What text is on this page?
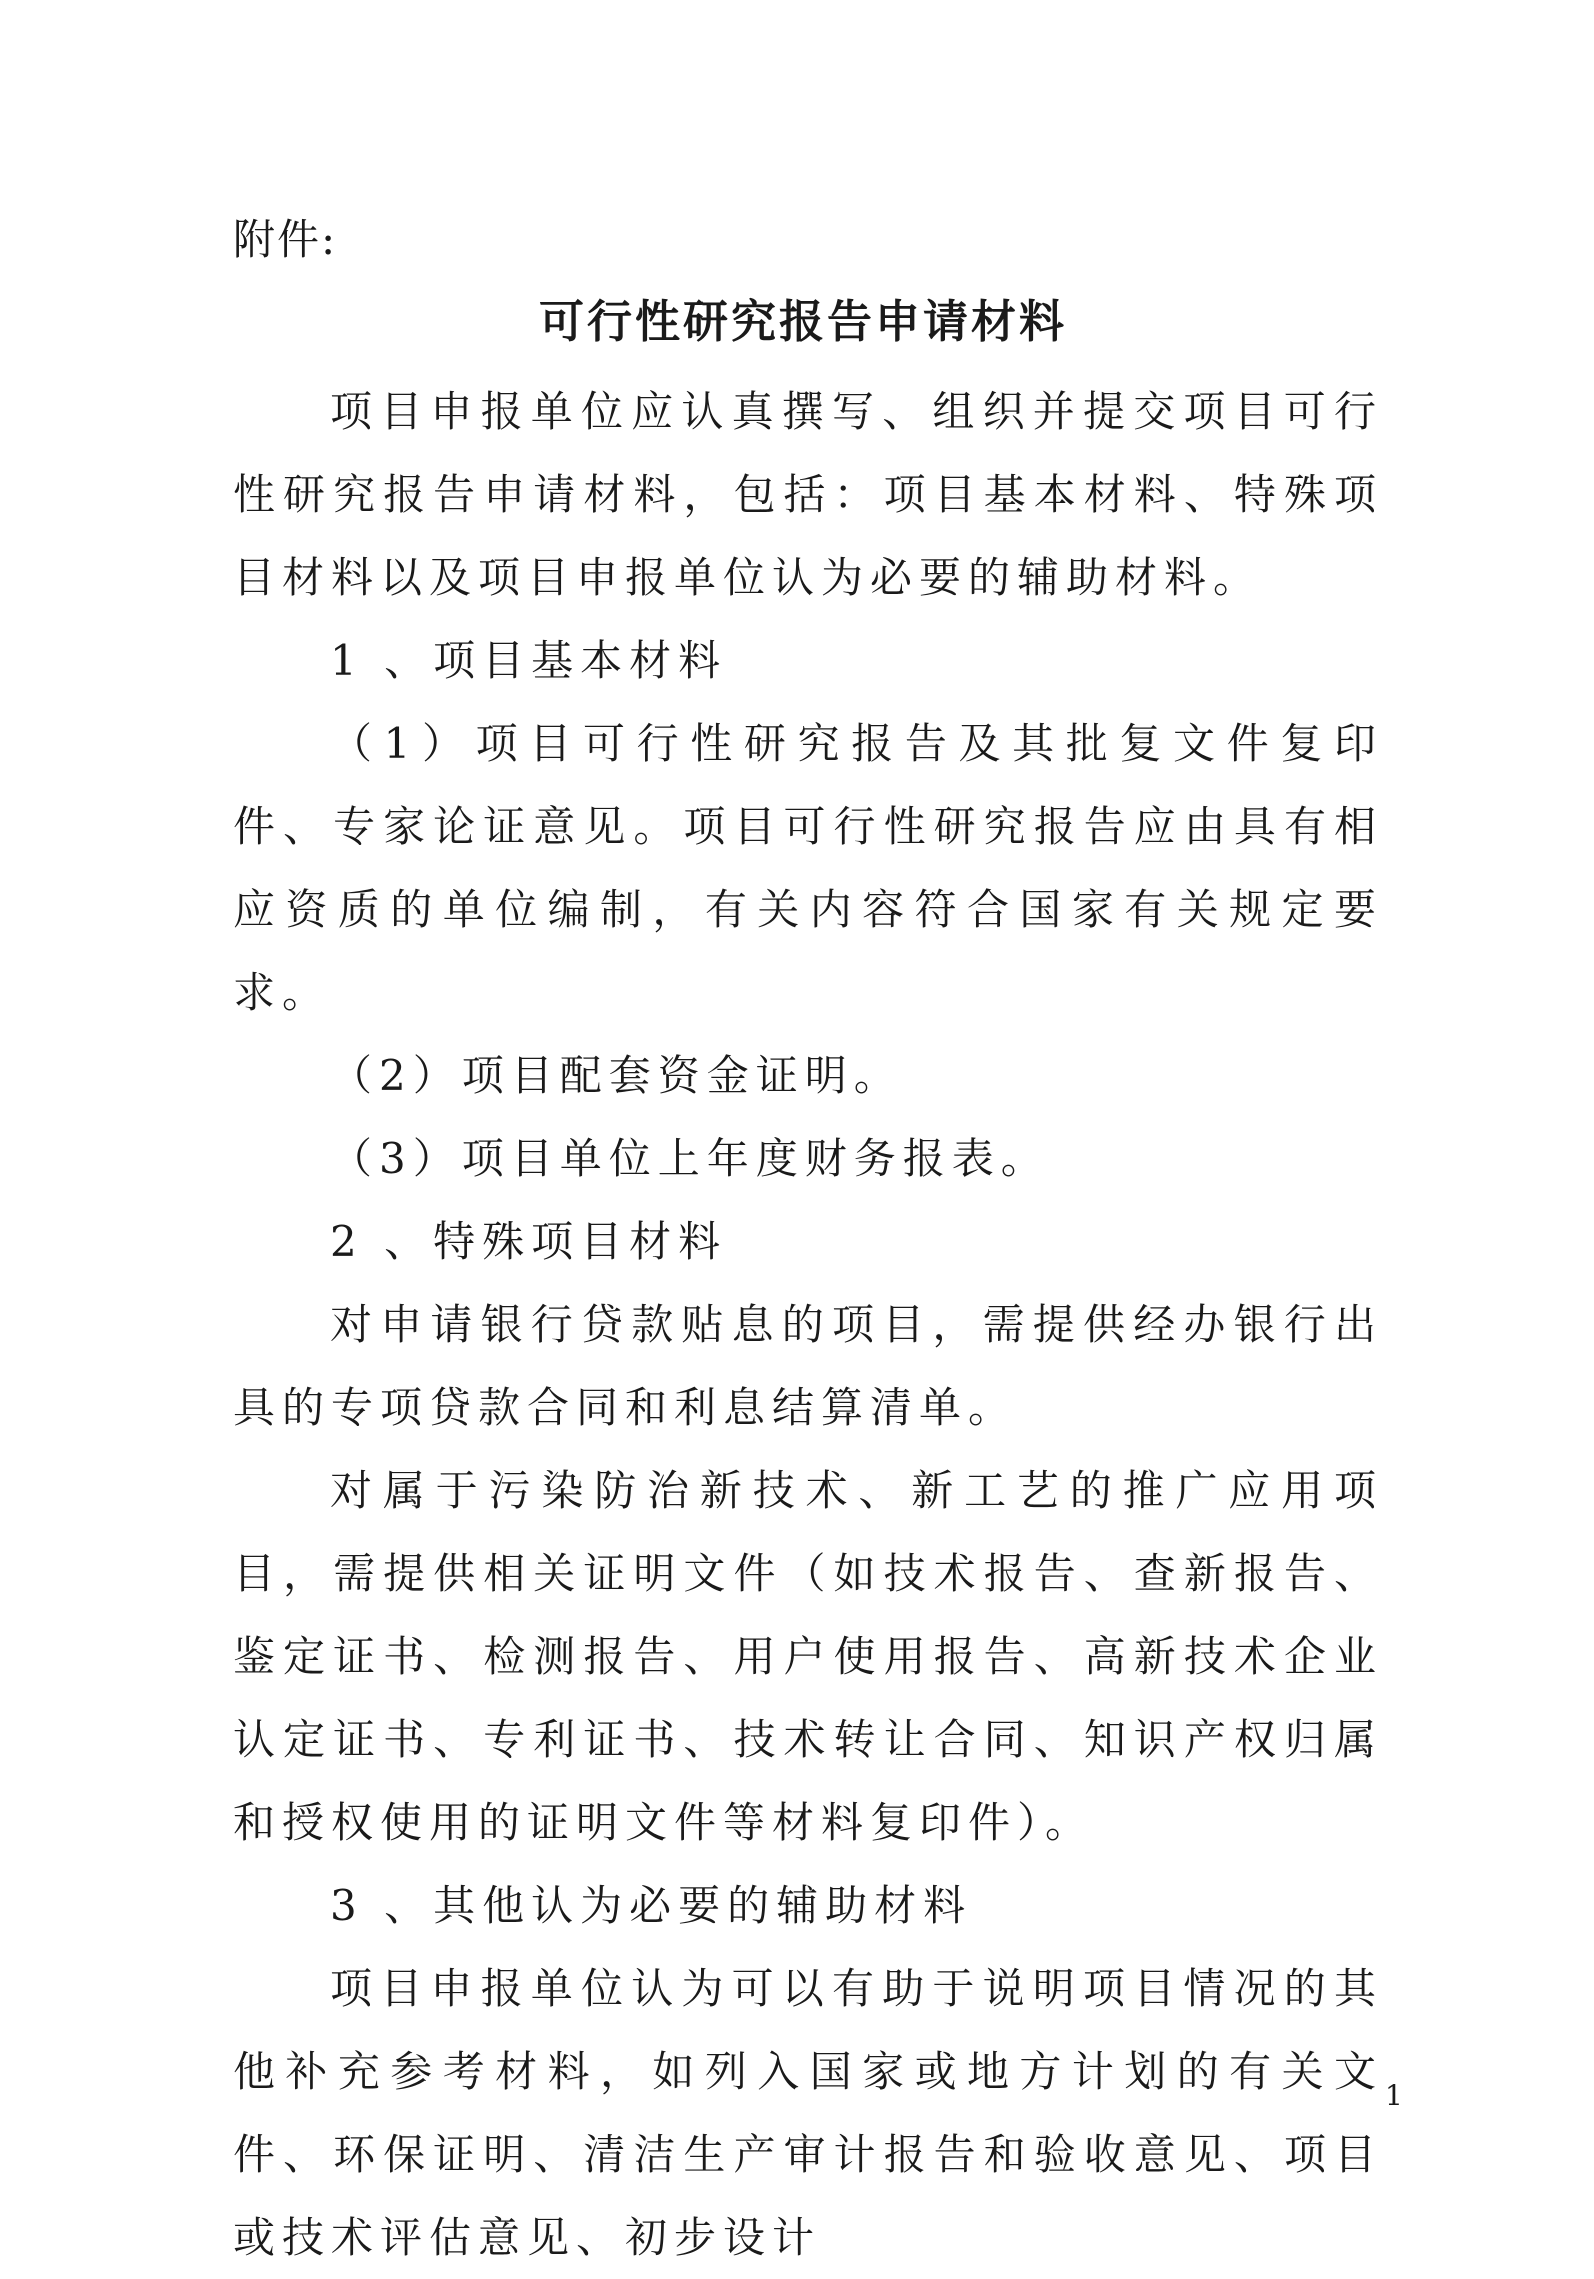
附件:
可行性研究报告申请材料

项目申报单位应认真撰写、组织并提交项目可行性研究报告申请材料，包括：项目基本材料、特殊项目材料以及项目申报单位认为必要的辅助材料。

1 、项目基本材料

（1）项目可行性研究报告及其批复文件复印件、专家论证意见。项目可行性研究报告应由具有相应资质的单位编制，有关内容符合国家有关规定要求。

（2）项目配套资金证明。

（3）项目单位上年度财务报表。

2 、特殊项目材料

对申请银行贷款贴息的项目，需提供经办银行出具的专项贷款合同和利息结算清单。

对属于污染防治新技术、新工艺的推广应用项目，需提供相关证明文件（如技术报告、查新报告、鉴定证书、检测报告、用户使用报告、高新技术企业认定证书、专利证书、技术转让合同、知识产权归属和授权使用的证明文件等材料复印件）。

3 、其他认为必要的辅助材料

项目申报单位认为可以有助于说明项目情况的其他补充参考材料，如列入国家或地方计划的有关文件、环保证明、清洁生产审计报告和验收意见、项目或技术评估意见、初步设计

1
